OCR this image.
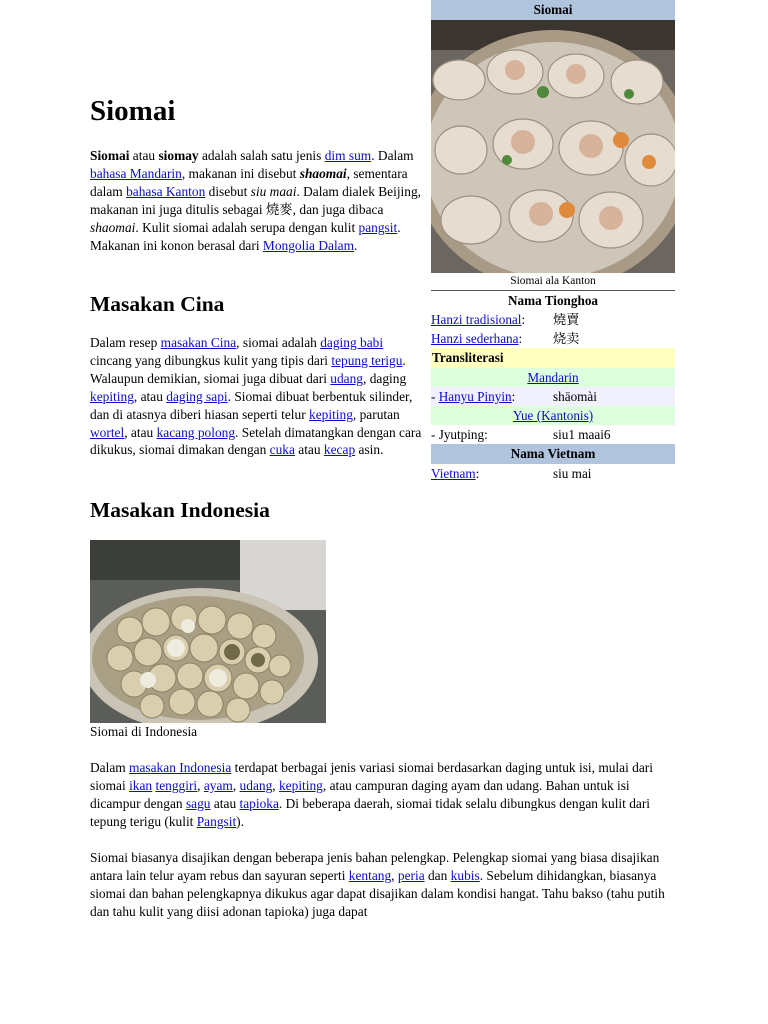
Siomai
Siomai atau siomay adalah salah satu jenis dim sum. Dalam bahasa Mandarin, makanan ini disebut shaomai, sementara dalam bahasa Kanton disebut siu maai. Dalam dialek Beijing, makanan ini juga ditulis sebagai 燒麥, dan juga dibaca shaomai. Kulit siomai adalah serupa dengan kulit pangsit. Makanan ini konon berasal dari Mongolia Dalam.
Masakan Cina
Dalam resep masakan Cina, siomai adalah daging babi cincang yang dibungkus kulit yang tipis dari tepung terigu. Walaupun demikian, siomai juga dibuat dari udang, daging kepiting, atau daging sapi. Siomai dibuat berbentuk silinder, dan di atasnya diberi hiasan seperti telur kepiting, parutan wortel, atau kacang polong. Setelah dimatangkan dengan cara dikukus, siomai dimakan dengan cuka atau kecap asin.
Masakan Indonesia
Siomai di Indonesia
Dalam masakan Indonesia terdapat berbagai jenis variasi siomai berdasarkan daging untuk isi, mulai dari siomai ikan tenggiri, ayam, udang, kepiting, atau campuran daging ayam dan udang. Bahan untuk isi dicampur dengan sagu atau tapioka. Di beberapa daerah, siomai tidak selalu dibungkus dengan kulit dari tepung terigu (kulit Pangsit).
Siomai biasanya disajikan dengan beberapa jenis bahan pelengkap. Pelengkap siomai yang biasa disajikan antara lain telur ayam rebus dan sayuran seperti kentang, peria dan kubis. Sebelum dihidangkan, biasanya siomai dan bahan pelengkapnya dikukus agar dapat disajikan dalam kondisi hangat. Tahu bakso (tahu putih dan tahu kulit yang diisi adonan tapioka) juga dapat
Siomai
Siomai ala Kanton
Nama Tionghoa
Hanzi tradisional:	燒賣
Hanzi sederhana:	烧卖
Transliterasi
Mandarin
- Hanyu Pinyin:	shāomài
Yue (Kantonis)
- Jyutping:	siu1 maai6
Nama Vietnam
Vietnam:	siu mai
